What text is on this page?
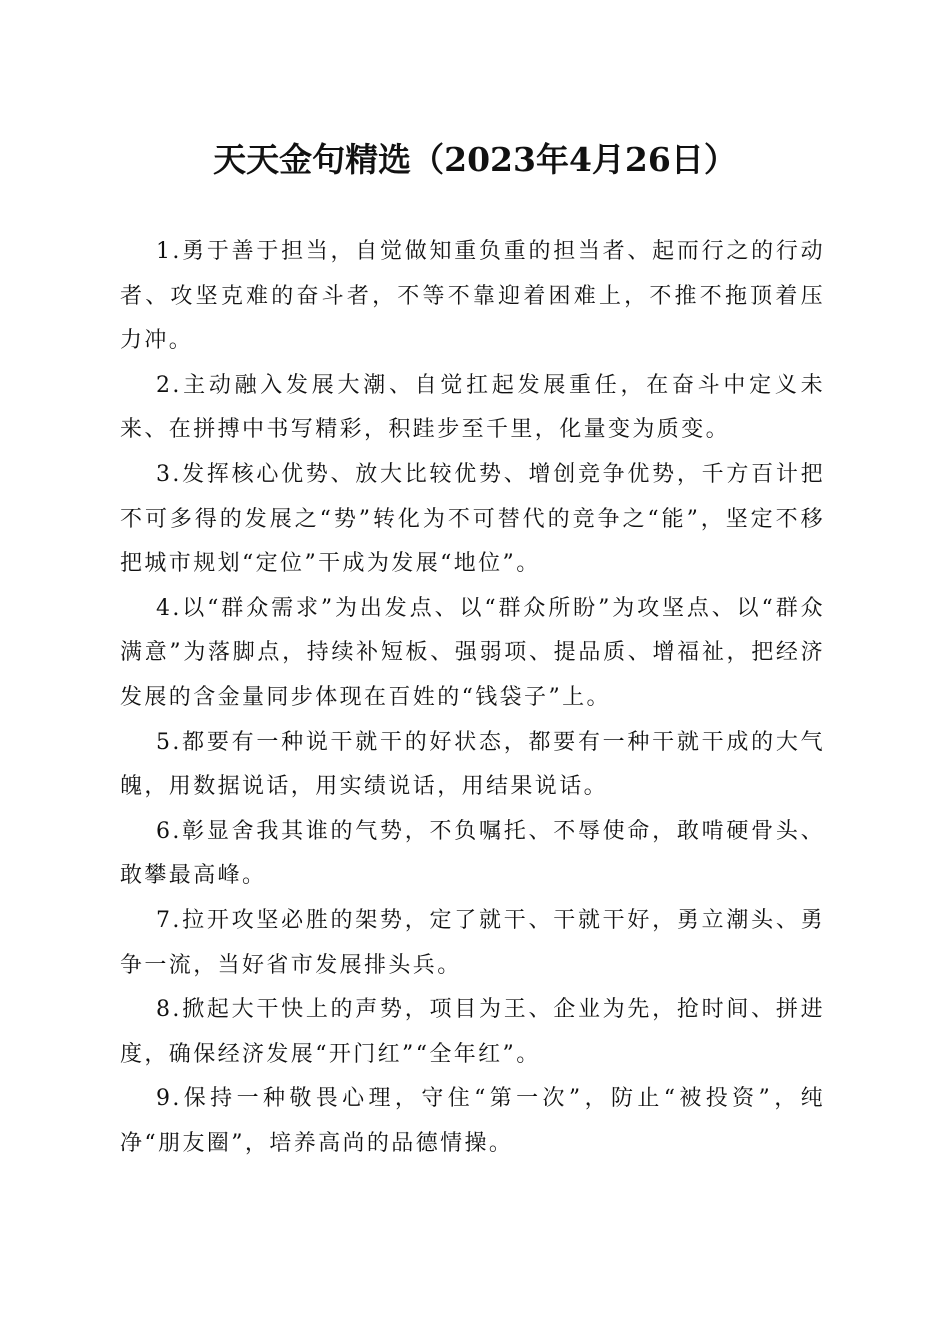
天天金句精选（2023年4月26日）

1.勇于善于担当，自觉做知重负重的担当者、起而行之的行动者、攻坚克难的奋斗者，不等不靠迎着困难上，不推不拖顶着压力冲。

2.主动融入发展大潮、自觉扛起发展重任，在奋斗中定义未来、在拼搏中书写精彩，积跬步至千里，化量变为质变。

3.发挥核心优势、放大比较优势、增创竞争优势，千方百计把不可多得的发展之“势”转化为不可替代的竞争之“能”，坚定不移把城市规划“定位”干成为发展“地位”。

4.以“群众需求”为出发点、以“群众所盼”为攻坚点、以“群众满意”为落脚点，持续补短板、强弱项、提品质、增福祉，把经济发展的含金量同步体现在百姓的“钱袋子”上。

5.都要有一种说干就干的好状态，都要有一种干就干成的大气魄，用数据说话，用实绩说话，用结果说话。

6.彰显舍我其谁的气势，不负嘱托、不辱使命，敢啃硬骨头、敢攀最高峰。

7.拉开攻坚必胜的架势，定了就干、干就干好，勇立潮头、勇争一流，当好省市发展排头兵。

8.掀起大干快上的声势，项目为王、企业为先，抢时间、拼进度，确保经济发展“开门红”“全年红”。

9.保持一种敬畏心理，守住“第一次”，防止“被投资”，纯净“朋友圈”，培养高尚的品德情操。
